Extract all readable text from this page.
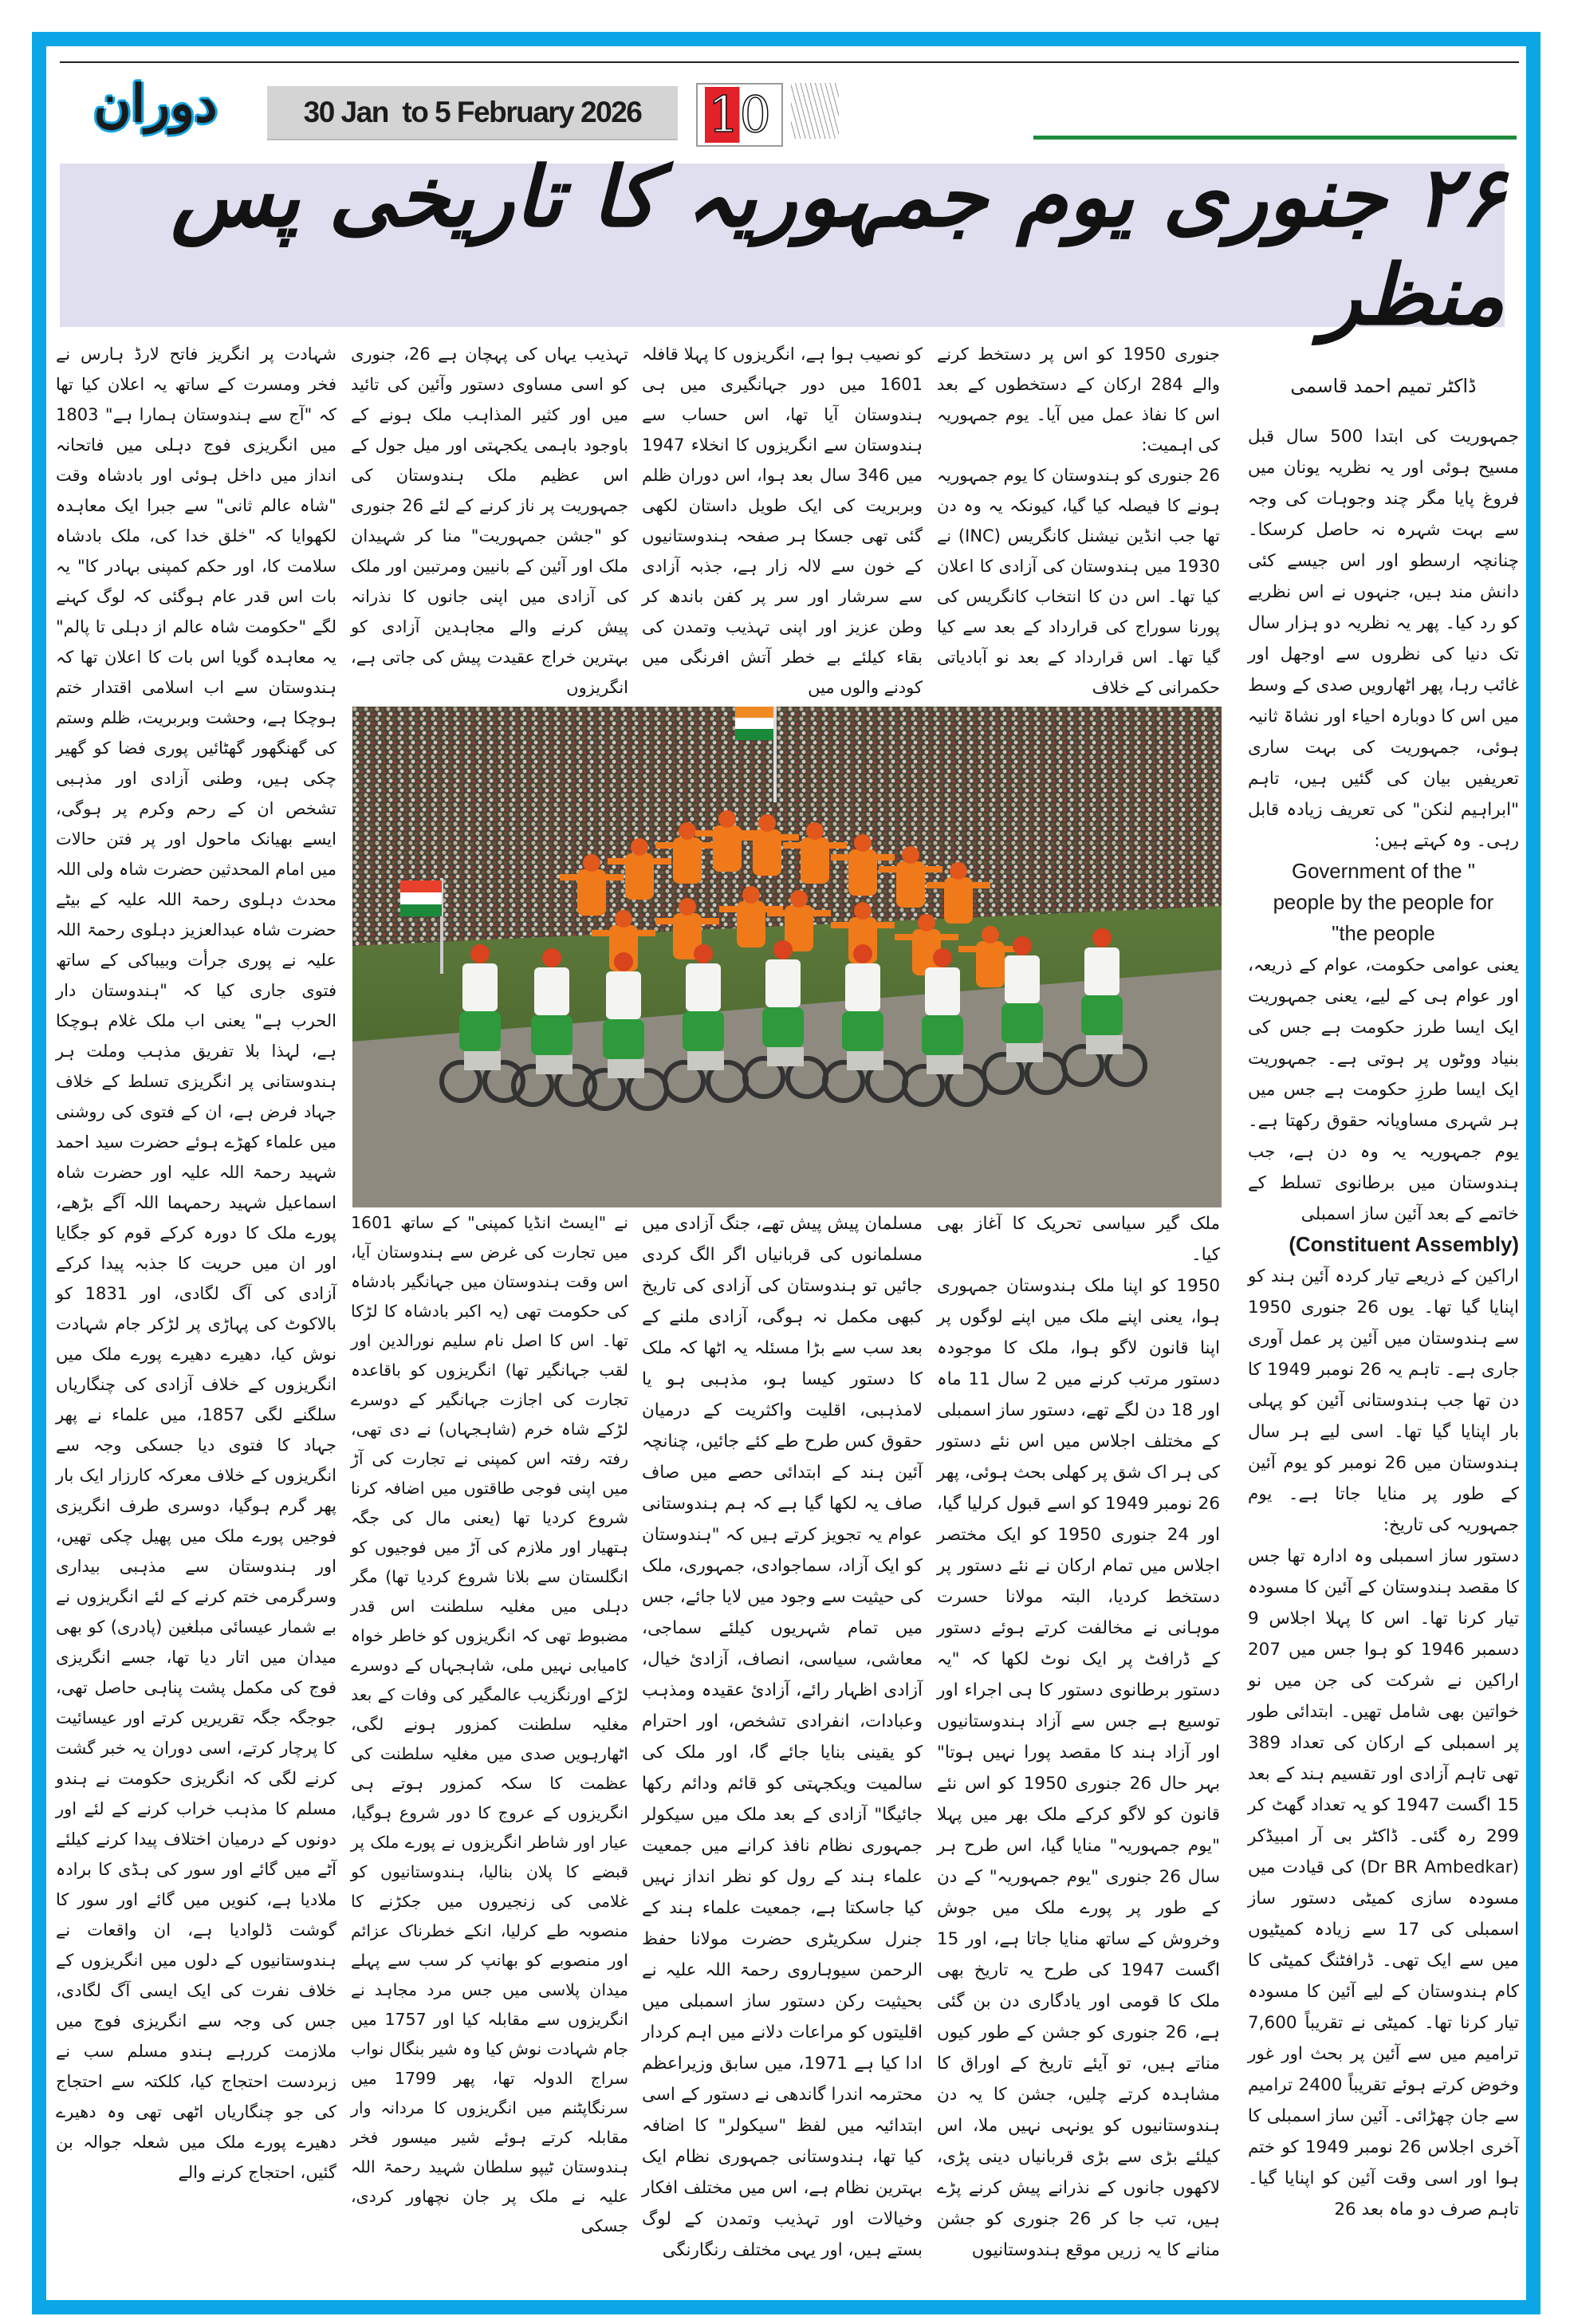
دوران	30 Jan  to 5 February 2026 10
۲۶ جنوری یوم جمہوریہ کا تاریخی پس منظر

شہادت پر انگریز فاتح لارڈ ہارس نے فخر ومسرت کے ساتھ یہ اعلان کیا تھا کہ "آج سے ہندوستان ہمارا ہے" 1803 میں انگریزی فوج دہلی میں فاتحانہ انداز میں داخل ہوئی اور بادشاہ وقت "شاہ عالم ثانی" سے جبرا ایک معاہدہ لکھوایا کہ "خلق خدا کی، ملک بادشاہ سلامت کا، اور حکم کمپنی بہادر کا" یہ بات اس قدر عام ہوگئی کہ لوگ کہنے لگے "حکومت شاہ عالم از دہلی تا پالم" یہ معاہدہ گویا اس بات کا اعلان تھا کہ ہندوستان سے اب اسلامی اقتدار ختم ہوچکا ہے، وحشت وبربریت، ظلم وستم کی گھنگھور گھٹائیں پوری فضا کو گھیر چکی ہیں، وطنی آزادی اور مذہبی تشخص ان کے رحم وکرم پر ہوگی، ایسے بھیانک ماحول اور پر فتن حالات میں امام المحدثین حضرت شاہ ولی اللہ محدث دہلوی رحمۃ اللہ علیہ کے بیٹے حضرت شاہ عبدالعزیز دہلوی رحمۃ اللہ علیہ نے پوری جرأت وبیباکی کے ساتھ فتوی جاری کیا کہ "ہندوستان دار الحرب ہے" یعنی اب ملک غلام ہوچکا ہے، لہذا بلا تفریق مذہب وملت ہر ہندوستانی پر انگریزی تسلط کے خلاف جہاد فرض ہے، ان کے فتوی کی روشنی میں علماء کھڑے ہوئے حضرت سید احمد شہید رحمۃ اللہ علیہ اور حضرت شاہ اسماعیل شہید رحمہما اللہ آگے بڑھے، پورے ملک کا دورہ کرکے قوم کو جگایا اور ان میں حریت کا جذبہ پیدا کرکے آزادی کی آگ لگادی، اور 1831 کو بالاکوٹ کی پہاڑی پر لڑکر جام شہادت نوش کیا، دھیرے دھیرے پورے ملک میں انگریزوں کے خلاف آزادی کی چنگاریاں سلگنے لگی 1857، میں علماء نے پھر جہاد کا فتوی دیا جسکی وجہ سے انگریزوں کے خلاف معرکہ کارزار ایک بار پھر گرم ہوگیا، دوسری طرف انگریزی فوجیں پورے ملک میں پھیل چکی تھیں، اور ہندوستان سے مذہبی بیداری وسرگرمی ختم کرنے کے لئے انگریزوں نے بے شمار عیسائی مبلغین (پادری) کو بھی میدان میں اتار دیا تھا، جسے انگریزی فوج کی مکمل پشت پناہی حاصل تھی، جوجگہ جگہ تقریریں کرتے اور عیسائیت کا پرچار کرتے، اسی دوران یہ خبر گشت کرنے لگی کہ انگریزی حکومت نے ہندو مسلم کا مذہب خراب کرنے کے لئے اور دونوں کے درمیان اختلاف پیدا کرنے کیلئے آٹے میں گائے اور سور کی ہڈی کا برادہ ملادیا ہے، کنویں میں گائے اور سور کا گوشت ڈلوادیا ہے، ان واقعات نے ہندوستانیوں کے دلوں میں انگریزوں کے خلاف نفرت کی ایک ایسی آگ لگادی، جس کی وجہ سے انگریزی فوج میں ملازمت کررہے ہندو مسلم سب نے زبردست احتجاج کیا، کلکتہ سے احتجاج کی جو چنگاریاں اٹھی تھی وہ دھیرے دھیرے پورے ملک میں شعلہ جوالہ بن گئیں، احتجاج کرنے والے

تہذیب یہاں کی پہچان ہے 26، جنوری کو اسی مساوی دستور وآئین کی تائید میں اور کثیر المذاہب ملک ہونے کے باوجود باہمی یکجہتی اور میل جول کے اس عظیم ملک ہندوستان کی جمہوریت پر ناز کرنے کے لئے 26 جنوری کو "جشن جمہوریت" منا کر شہیدان ملک اور آئین کے بانیین ومرتبین اور ملک کی آزادی میں اپنی جانوں کا نذرانہ پیش کرنے والے مجاہدین آزادی کو بہترین خراج عقیدت پیش کی جاتی ہے، انگریزوں

کو نصیب ہوا ہے، انگریزوں کا پہلا قافلہ 1601 میں دور جہانگیری میں ہی ہندوستان آیا تھا، اس حساب سے ہندوستان سے انگریزوں کا انخلاء 1947 میں 346 سال بعد ہوا، اس دوران ظلم وبربریت کی ایک طویل داستان لکھی گئی تھی جسکا ہر صفحہ ہندوستانیوں کے خون سے لالہ زار ہے، جذبہ آزادی سے سرشار اور سر پر کفن باندھ کر وطن عزیز اور اپنی تہذیب وتمدن کی بقاء کیلئے بے خطر آتش افرنگی میں کودنے والوں میں

جنوری 1950 کو اس پر دستخط کرنے والے 284 ارکان کے دستخطوں کے بعد اس کا نفاذ عمل میں آیا۔ یوم جمہوریہ کی اہمیت:

26 جنوری کو ہندوستان کا یوم جمہوریہ ہونے کا فیصلہ کیا گیا، کیونکہ یہ وہ دن تھا جب انڈین نیشنل کانگریس (INC) نے 1930 میں ہندوستان کی آزادی کا اعلان کیا تھا۔ اس دن کا انتخاب کانگریس کی پورنا سوراج کی قرارداد کے بعد سے کیا گیا تھا۔ اس قرارداد کے بعد نو آبادیاتی حکمرانی کے خلاف

نے "ایسٹ انڈیا کمپنی" کے ساتھ 1601 میں تجارت کی غرض سے ہندوستان آیا، اس وقت ہندوستان میں جہانگیر بادشاہ کی حکومت تھی (یہ اکبر بادشاہ کا لڑکا تھا۔ اس کا اصل نام سلیم نورالدین اور لقب جہانگیر تھا) انگریزوں کو باقاعدہ تجارت کی اجازت جہانگیر کے دوسرے لڑکے شاہ خرم (شاہجہاں) نے دی تھی، رفتہ رفتہ اس کمپنی نے تجارت کی آڑ میں اپنی فوجی طاقتوں میں اضافہ کرنا شروع کردیا تھا (یعنی مال کی جگہ ہتھیار اور ملازم کی آڑ میں فوجیوں کو انگلستان سے بلانا شروع کردیا تھا) مگر دہلی میں مغلیہ سلطنت اس قدر مضبوط تھی کہ انگریزوں کو خاطر خواہ کامیابی نہیں ملی، شاہجہاں کے دوسرے لڑکے اورنگزیب عالمگیر کی وفات کے بعد مغلیہ سلطنت کمزور ہونے لگی، اٹھارہویں صدی میں مغلیہ سلطنت کی عظمت کا سکہ کمزور ہوتے ہی انگریزوں کے عروج کا دور شروع ہوگیا، عیار اور شاطر انگریزوں نے پورے ملک پر قبضے کا پلان بنالیا، ہندوستانیوں کو غلامی کی زنجیروں میں جکڑنے کا منصوبہ طے کرلیا، انکے خطرناک عزائم اور منصوبے کو بھانپ کر سب سے پہلے میدان پلاسی میں جس مرد مجاہد نے انگریزوں سے مقابلہ کیا اور 1757 میں جام شہادت نوش کیا وہ شیر بنگال نواب سراج الدولہ تھا، پھر 1799 میں سرنگاپٹنم میں انگریزوں کا مردانہ وار مقابلہ کرتے ہوئے شیر میسور فخر ہندوستان ٹیپو سلطان شہید رحمۃ اللہ علیہ نے ملک پر جان نچھاور کردی، جسکی

مسلمان پیش پیش تھے، جنگ آزادی میں مسلمانوں کی قربانیاں اگر الگ کردی جائیں تو ہندوستان کی آزادی کی تاریخ کبھی مکمل نہ ہوگی، آزادی ملنے کے بعد سب سے بڑا مسئلہ یہ اٹھا کہ ملک کا دستور کیسا ہو، مذہبی ہو یا لامذہبی، اقلیت واکثریت کے درمیان حقوق کس طرح طے کئے جائیں، چنانچہ آئین ہند کے ابتدائی حصے میں صاف صاف یہ لکھا گیا ہے کہ ہم ہندوستانی عوام یہ تجویز کرتے ہیں کہ "ہندوستان کو ایک آزاد، سماجوادی، جمہوری، ملک کی حیثیت سے وجود میں لایا جائے، جس میں تمام شہریوں کیلئے سماجی، معاشی، سیاسی، انصاف، آزادئ خیال، آزادی اظہار رائے، آزادئ عقیدہ ومذہب وعبادات، انفرادی تشخص، اور احترام کو یقینی بنایا جائے گا، اور ملک کی سالمیت ویکجہتی کو قائم ودائم رکھا جائیگا" آزادی کے بعد ملک میں سیکولر جمہوری نظام نافذ کرانے میں جمعیت علماء ہند کے رول کو نظر انداز نہیں کیا جاسکتا ہے، جمعیت علماء ہند کے جنرل سکریٹری حضرت مولانا حفظ الرحمن سیوہاروی رحمۃ اللہ علیہ نے بحیثیت رکن دستور ساز اسمبلی میں اقلیتوں کو مراعات دلانے میں اہم کردار ادا کیا ہے 1971، میں سابق وزیراعظم محترمہ اندرا گاندھی نے دستور کے اسی ابتدائیہ میں لفظ "سیکولر" کا اضافہ کیا تھا، ہندوستانی جمہوری نظام ایک بہترین نظام ہے، اس میں مختلف افکار وخیالات اور تہذیب وتمدن کے لوگ بستے ہیں، اور یہی مختلف رنگارنگی

ملک گیر سیاسی تحریک کا آغاز بھی کیا۔

1950 کو اپنا ملک ہندوستان جمہوری ہوا، یعنی اپنے ملک میں اپنے لوگوں پر اپنا قانون لاگو ہوا، ملک کا موجودہ دستور مرتب کرنے میں 2 سال 11 ماہ اور 18 دن لگے تھے، دستور ساز اسمبلی کے مختلف اجلاس میں اس نئے دستور کی ہر اک شق پر کھلی بحث ہوئی، پھر 26 نومبر 1949 کو اسے قبول کرلیا گیا، اور 24 جنوری 1950 کو ایک مختصر اجلاس میں تمام ارکان نے نئے دستور پر دستخط کردیا، البتہ مولانا حسرت موہانی نے مخالفت کرتے ہوئے دستور کے ڈرافٹ پر ایک نوٹ لکھا کہ "یہ دستور برطانوی دستور کا ہی اجراء اور توسیع ہے جس سے آزاد ہندوستانیوں اور آزاد ہند کا مقصد پورا نہیں ہوتا" بہر حال 26 جنوری 1950 کو اس نئے قانون کو لاگو کرکے ملک بھر میں پہلا "یوم جمہوریہ" منایا گیا، اس طرح ہر سال 26 جنوری "یوم جمہوریہ" کے دن کے طور پر پورے ملک میں جوش وخروش کے ساتھ منایا جاتا ہے، اور 15 اگست 1947 کی طرح یہ تاریخ بھی ملک کا قومی اور یادگاری دن بن گئی ہے، 26 جنوری کو جشن کے طور کیوں مناتے ہیں، تو آیئے تاریخ کے اوراق کا مشاہدہ کرتے چلیں، جشن کا یہ دن ہندوستانیوں کو یونہی نہیں ملا، اس کیلئے بڑی سے بڑی قربانیاں دینی پڑی، لاکھوں جانوں کے نذرانے پیش کرنے پڑے ہیں، تب جا کر 26 جنوری کو جشن منانے کا یہ زریں موقع ہندوستانیوں

ڈاکٹر تمیم احمد قاسمی

جمہوریت کی ابتدا 500 سال قبل مسیح ہوئی اور یہ نظریہ یونان میں فروغ پایا مگر چند وجوہات کی وجہ سے بہت شہرہ نہ حاصل کرسکا۔ چنانچہ ارسطو اور اس جیسے کئی دانش مند ہیں، جنہوں نے اس نظریے کو رد کیا۔ پھر یہ نظریہ دو ہزار سال تک دنیا کی نظروں سے اوجھل اور غائب رہا، پھر اٹھارویں صدی کے وسط میں اس کا دوبارہ احیاء اور نشاۃ ثانیہ ہوئی، جمہوریت کی بہت ساری تعریفیں بیان کی گئیں ہیں، تاہم "ابراہیم لنکن" کی تعریف زیادہ قابل رہی۔ وہ کہتے ہیں:

Government of the "
people by the people for
"the people

یعنی عوامی حکومت، عوام کے ذریعہ، اور عوام ہی کے لیے، یعنی جمہوریت ایک ایسا طرز حکومت ہے جس کی بنیاد ووٹوں پر ہوتی ہے۔ جمہوریت ایک ایسا طرزِ حکومت ہے جس میں ہر شہری مساویانہ حقوق رکھتا ہے۔ یوم جمہوریہ یہ وہ دن ہے، جب ہندوستان میں برطانوی تسلط کے خاتمے کے بعد آئین ساز اسمبلی

(Constituent Assembly)

اراکین کے ذریعے تیار کردہ آئین ہند کو اپنایا گیا تھا۔ یوں 26 جنوری 1950 سے ہندوستان میں آئین پر عمل آوری جاری ہے۔ تاہم یہ 26 نومبر 1949 کا دن تھا جب ہندوستانی آئین کو پہلی بار اپنایا گیا تھا۔ اسی لیے ہر سال ہندوستان میں 26 نومبر کو یوم آئین کے طور پر منایا جاتا ہے۔ یوم جمہوریہ کی تاریخ:

دستور ساز اسمبلی وہ ادارہ تھا جس کا مقصد ہندوستان کے آئین کا مسودہ تیار کرنا تھا۔ اس کا پہلا اجلاس 9 دسمبر 1946 کو ہوا جس میں 207 اراکین نے شرکت کی جن میں نو خواتین بھی شامل تھیں۔ ابتدائی طور پر اسمبلی کے ارکان کی تعداد 389 تھی تاہم آزادی اور تقسیم ہند کے بعد 15 اگست 1947 کو یہ تعداد گھٹ کر 299 رہ گئی۔ ڈاکٹر بی آر امبیڈکر (Dr BR Ambedkar) کی قیادت میں مسودہ سازی کمیٹی دستور ساز اسمبلی کی 17 سے زیادہ کمیٹیوں میں سے ایک تھی۔ ڈرافٹنگ کمیٹی کا کام ہندوستان کے لیے آئین کا مسودہ تیار کرنا تھا۔ کمیٹی نے تقریباً 7,600 ترامیم میں سے آئین پر بحث اور غور وخوض کرتے ہوئے تقریباً 2400 ترامیم سے جان چھڑائی۔ آئین ساز اسمبلی کا آخری اجلاس 26 نومبر 1949 کو ختم ہوا اور اسی وقت آئین کو اپنایا گیا۔ تاہم صرف دو ماہ بعد 26
